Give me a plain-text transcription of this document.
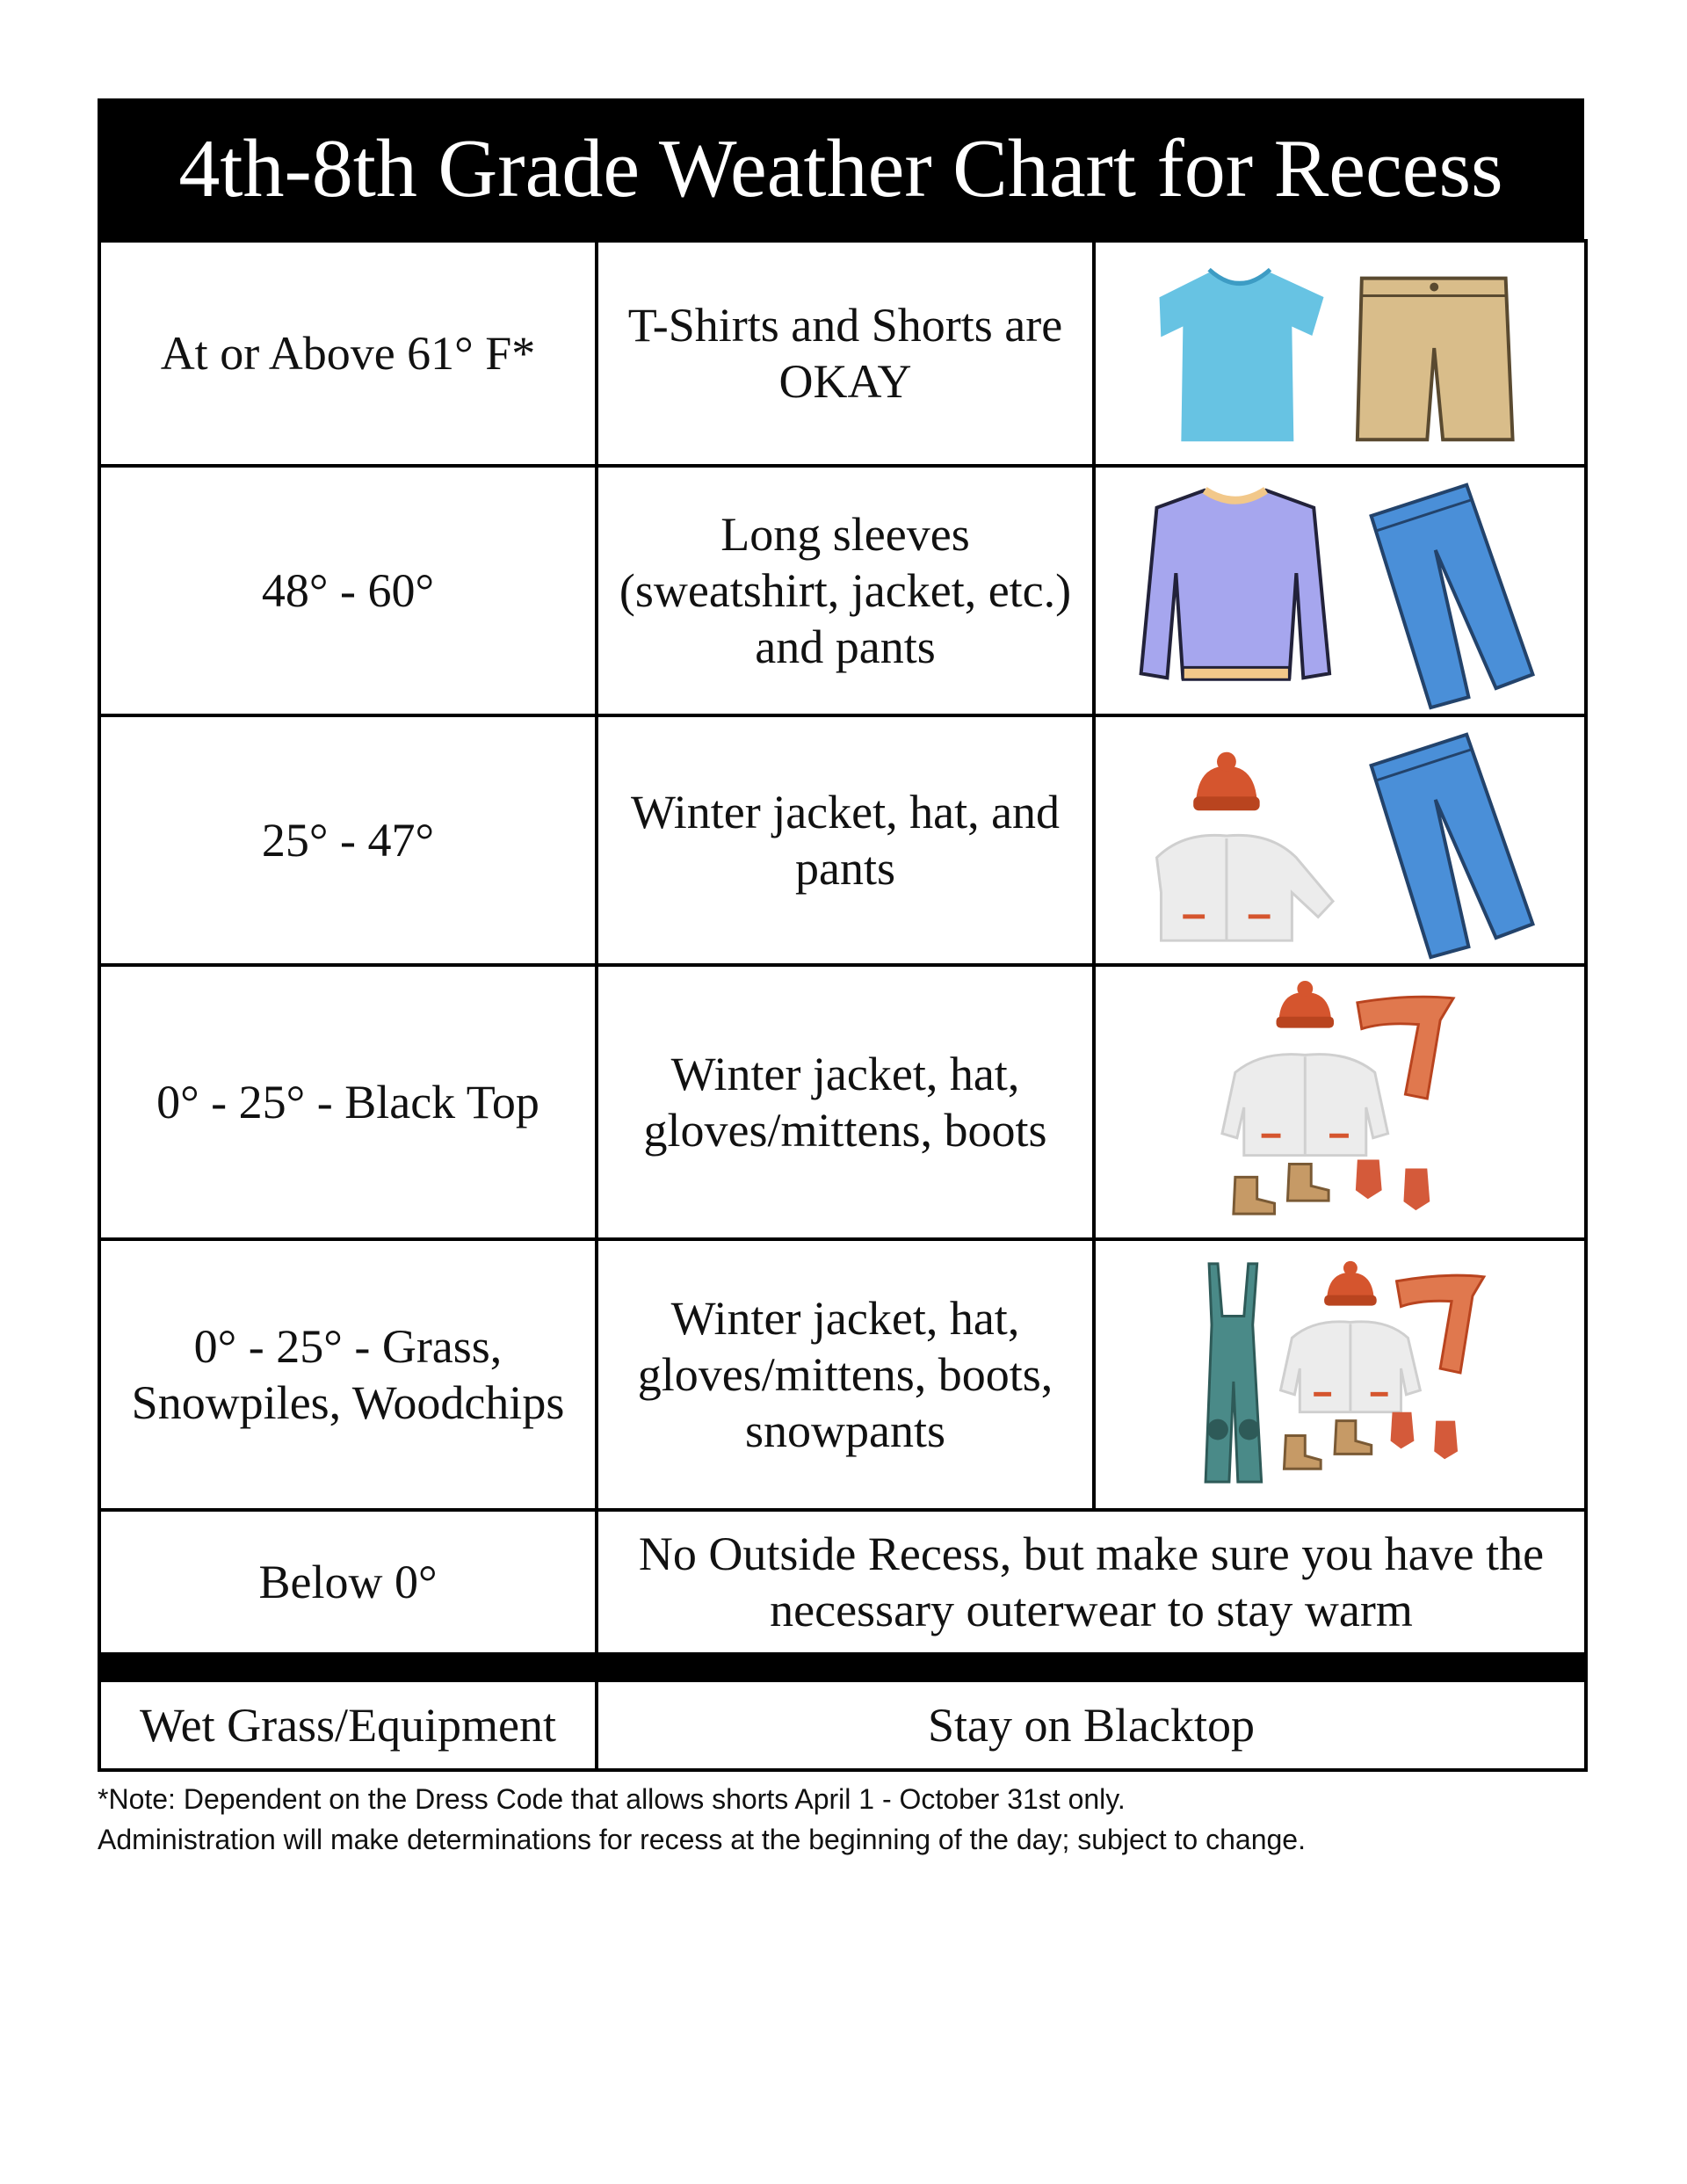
4th-8th Grade Weather Chart for Recess
At or Above 61° F*	T-Shirts and Shorts are OKAY	

48° - 60°	Long sleeves (sweatshirt, jacket, etc.) and pants	

25° - 47°	Winter jacket, hat, and pants	

0° - 25° - Black Top	Winter jacket, hat, gloves/mittens, boots	

0° - 25° - Grass, Snowpiles, Woodchips	Winter jacket, hat, gloves/mittens, boots, snowpants	

Below 0°	No Outside Recess, but make sure you have the necessary outerwear to stay warm	

Wet Grass/Equipment	Stay on Blacktop	
*Note: Dependent on the Dress Code that allows shorts April 1 - October 31st only.
Administration will make determinations for recess at the beginning of the day; subject to change.
